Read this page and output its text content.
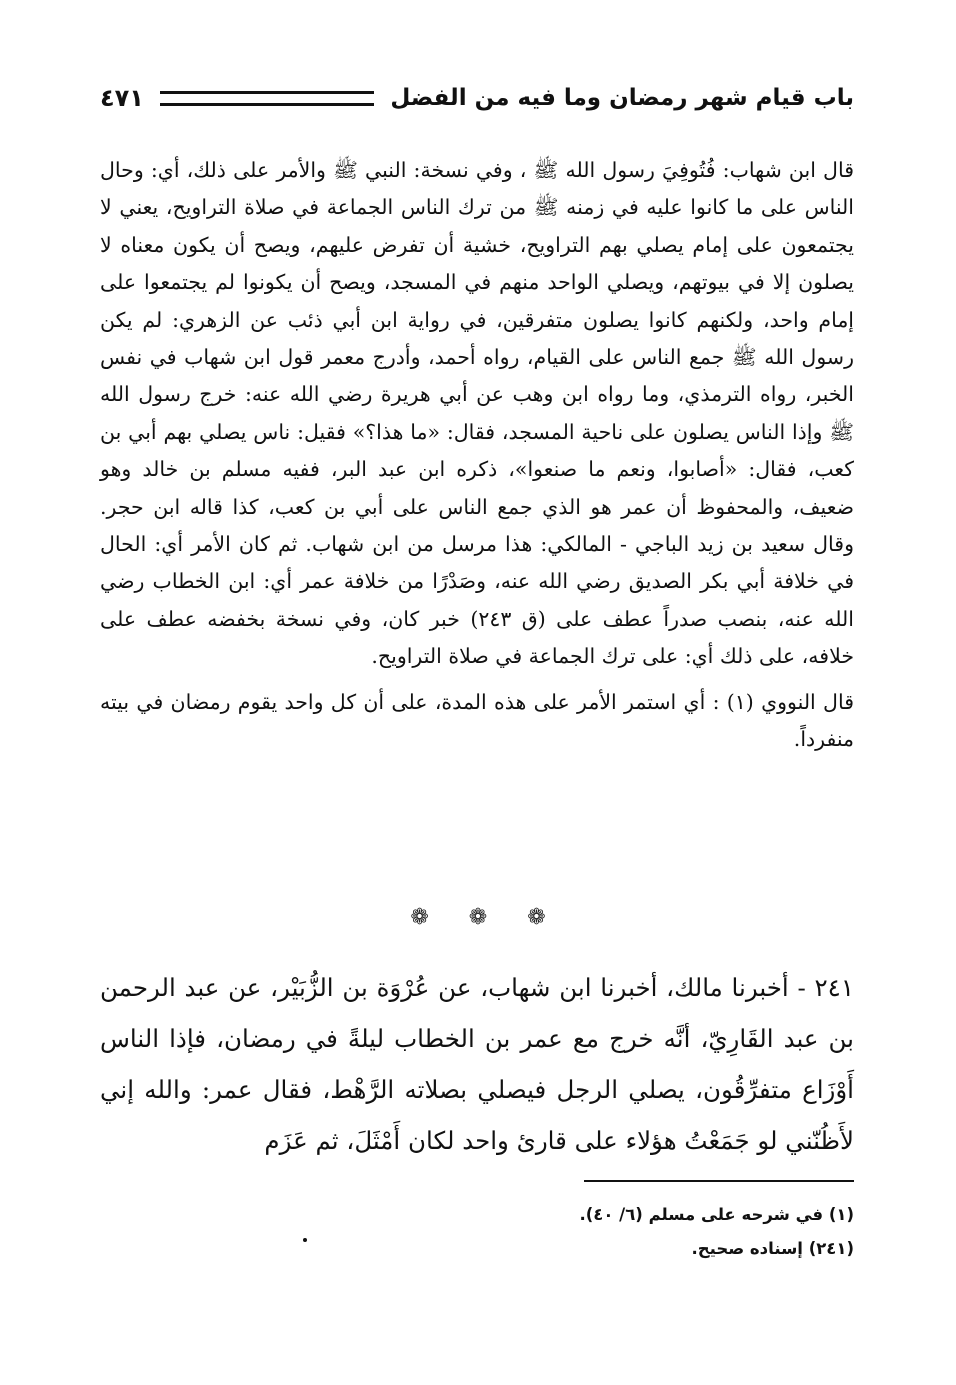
باب قيام شهر رمضان وما فيه من الفضل
٤٧١

قال ابن شهاب: فُتُوفِيَ رسول الله ﷺ ، وفي نسخة: النبي ﷺ والأمر على ذلك، أي: وحال الناس على ما كانوا عليه في زمنه ﷺ من ترك الناس الجماعة في صلاة التراويح، يعني لا يجتمعون على إمام يصلي بهم التراويح، خشية أن تفرض عليهم، ويصح أن يكون معناه لا يصلون إلا في بيوتهم، ويصلي الواحد منهم في المسجد، ويصح أن يكونوا لم يجتمعوا على إمام واحد، ولكنهم كانوا يصلون متفرقين، في رواية ابن أبي ذئب عن الزهري: لم يكن رسول الله ﷺ جمع الناس على القيام، رواه أحمد، وأدرج معمر قول ابن شهاب في نفس الخبر، رواه الترمذي، وما رواه ابن وهب عن أبي هريرة رضي الله عنه: خرج رسول الله ﷺ وإذا الناس يصلون على ناحية المسجد، فقال: «ما هذا؟» فقيل: ناس يصلي بهم أبي بن كعب، فقال: «أصابوا، ونعم ما صنعوا»، ذكره ابن عبد البر، ففيه مسلم بن خالد وهو ضعيف، والمحفوظ أن عمر هو الذي جمع الناس على أبي بن كعب، كذا قاله ابن حجر. وقال سعيد بن زيد الباجي - المالكي: هذا مرسل من ابن شهاب. ثم كان الأمر أي: الحال في خلافة أبي بكر الصديق رضي الله عنه، وصَدْرًا من خلافة عمر أي: ابن الخطاب رضي الله عنه، بنصب صدراً عطف على (ق ٢٤٣) خبر كان، وفي نسخة بخفضه عطف على خلافه، على ذلك أي: على ترك الجماعة في صلاة التراويح.

قال النووي (١) : أي استمر الأمر على هذه المدة، على أن كل واحد يقوم رمضان في بيته منفرداً.

❁ ❁ ❁

٢٤١ - أخبرنا مالك، أخبرنا ابن شهاب، عن عُرْوَة بن الزُّبَيْر، عن عبد الرحمن بن عبد القَارِيّ، أنَّه خرج مع عمر بن الخطاب ليلةً في رمضان، فإذا الناس أَوْزَاع متفرِّقُون، يصلي الرجل فيصلي بصلاته الرَّهْط، فقال عمر: والله إني لأَظُنّني لو جَمَعْتُ هؤلاء على قارئ واحد لكان أَمْثَلَ، ثم عَزَم

(١) في شرحه على مسلم (٦/ ٤٠).
(٢٤١) إسناده صحيح.
